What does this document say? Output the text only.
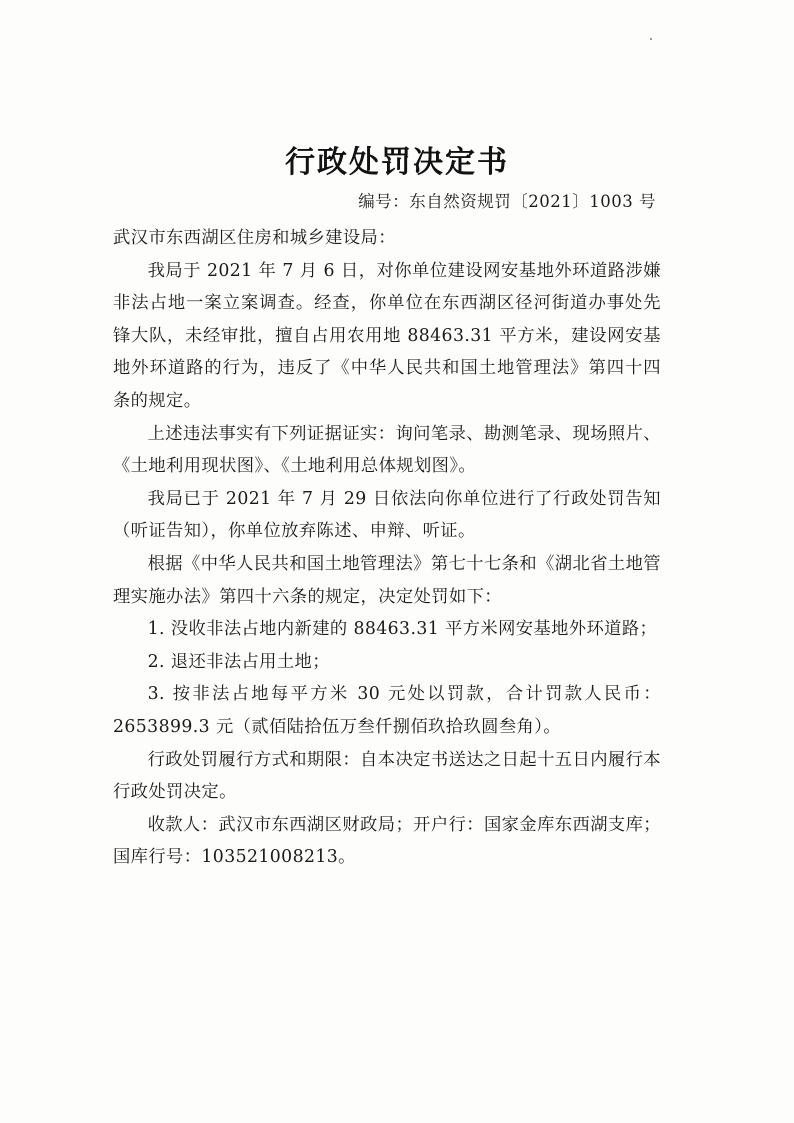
行政处罚决定书
编号：东自然资规罚〔2021〕1003 号

武汉市东西湖区住房和城乡建设局：

我局于 2021 年 7 月 6 日，对你单位建设网安基地外环道路涉嫌非法占地一案立案调查。经查，你单位在东西湖区径河街道办事处先锋大队，未经审批，擅自占用农用地 88463.31 平方米，建设网安基地外环道路的行为，违反了《中华人民共和国土地管理法》第四十四条的规定。

上述违法事实有下列证据证实：询问笔录、勘测笔录、现场照片、《土地利用现状图》、《土地利用总体规划图》。

我局已于 2021 年 7 月 29 日依法向你单位进行了行政处罚告知（听证告知），你单位放弃陈述、申辩、听证。

根据《中华人民共和国土地管理法》第七十七条和《湖北省土地管理实施办法》第四十六条的规定，决定处罚如下：

1. 没收非法占地内新建的 88463.31 平方米网安基地外环道路；

2. 退还非法占用土地；

3. 按非法占地每平方米 30 元处以罚款，合计罚款人民币：2653899.3 元（贰佰陆拾伍万叁仟捌佰玖拾玖圆叁角）。

行政处罚履行方式和期限：自本决定书送达之日起十五日内履行本行政处罚决定。

收款人：武汉市东西湖区财政局；开户行：国家金库东西湖支库；国库行号：103521008213。
